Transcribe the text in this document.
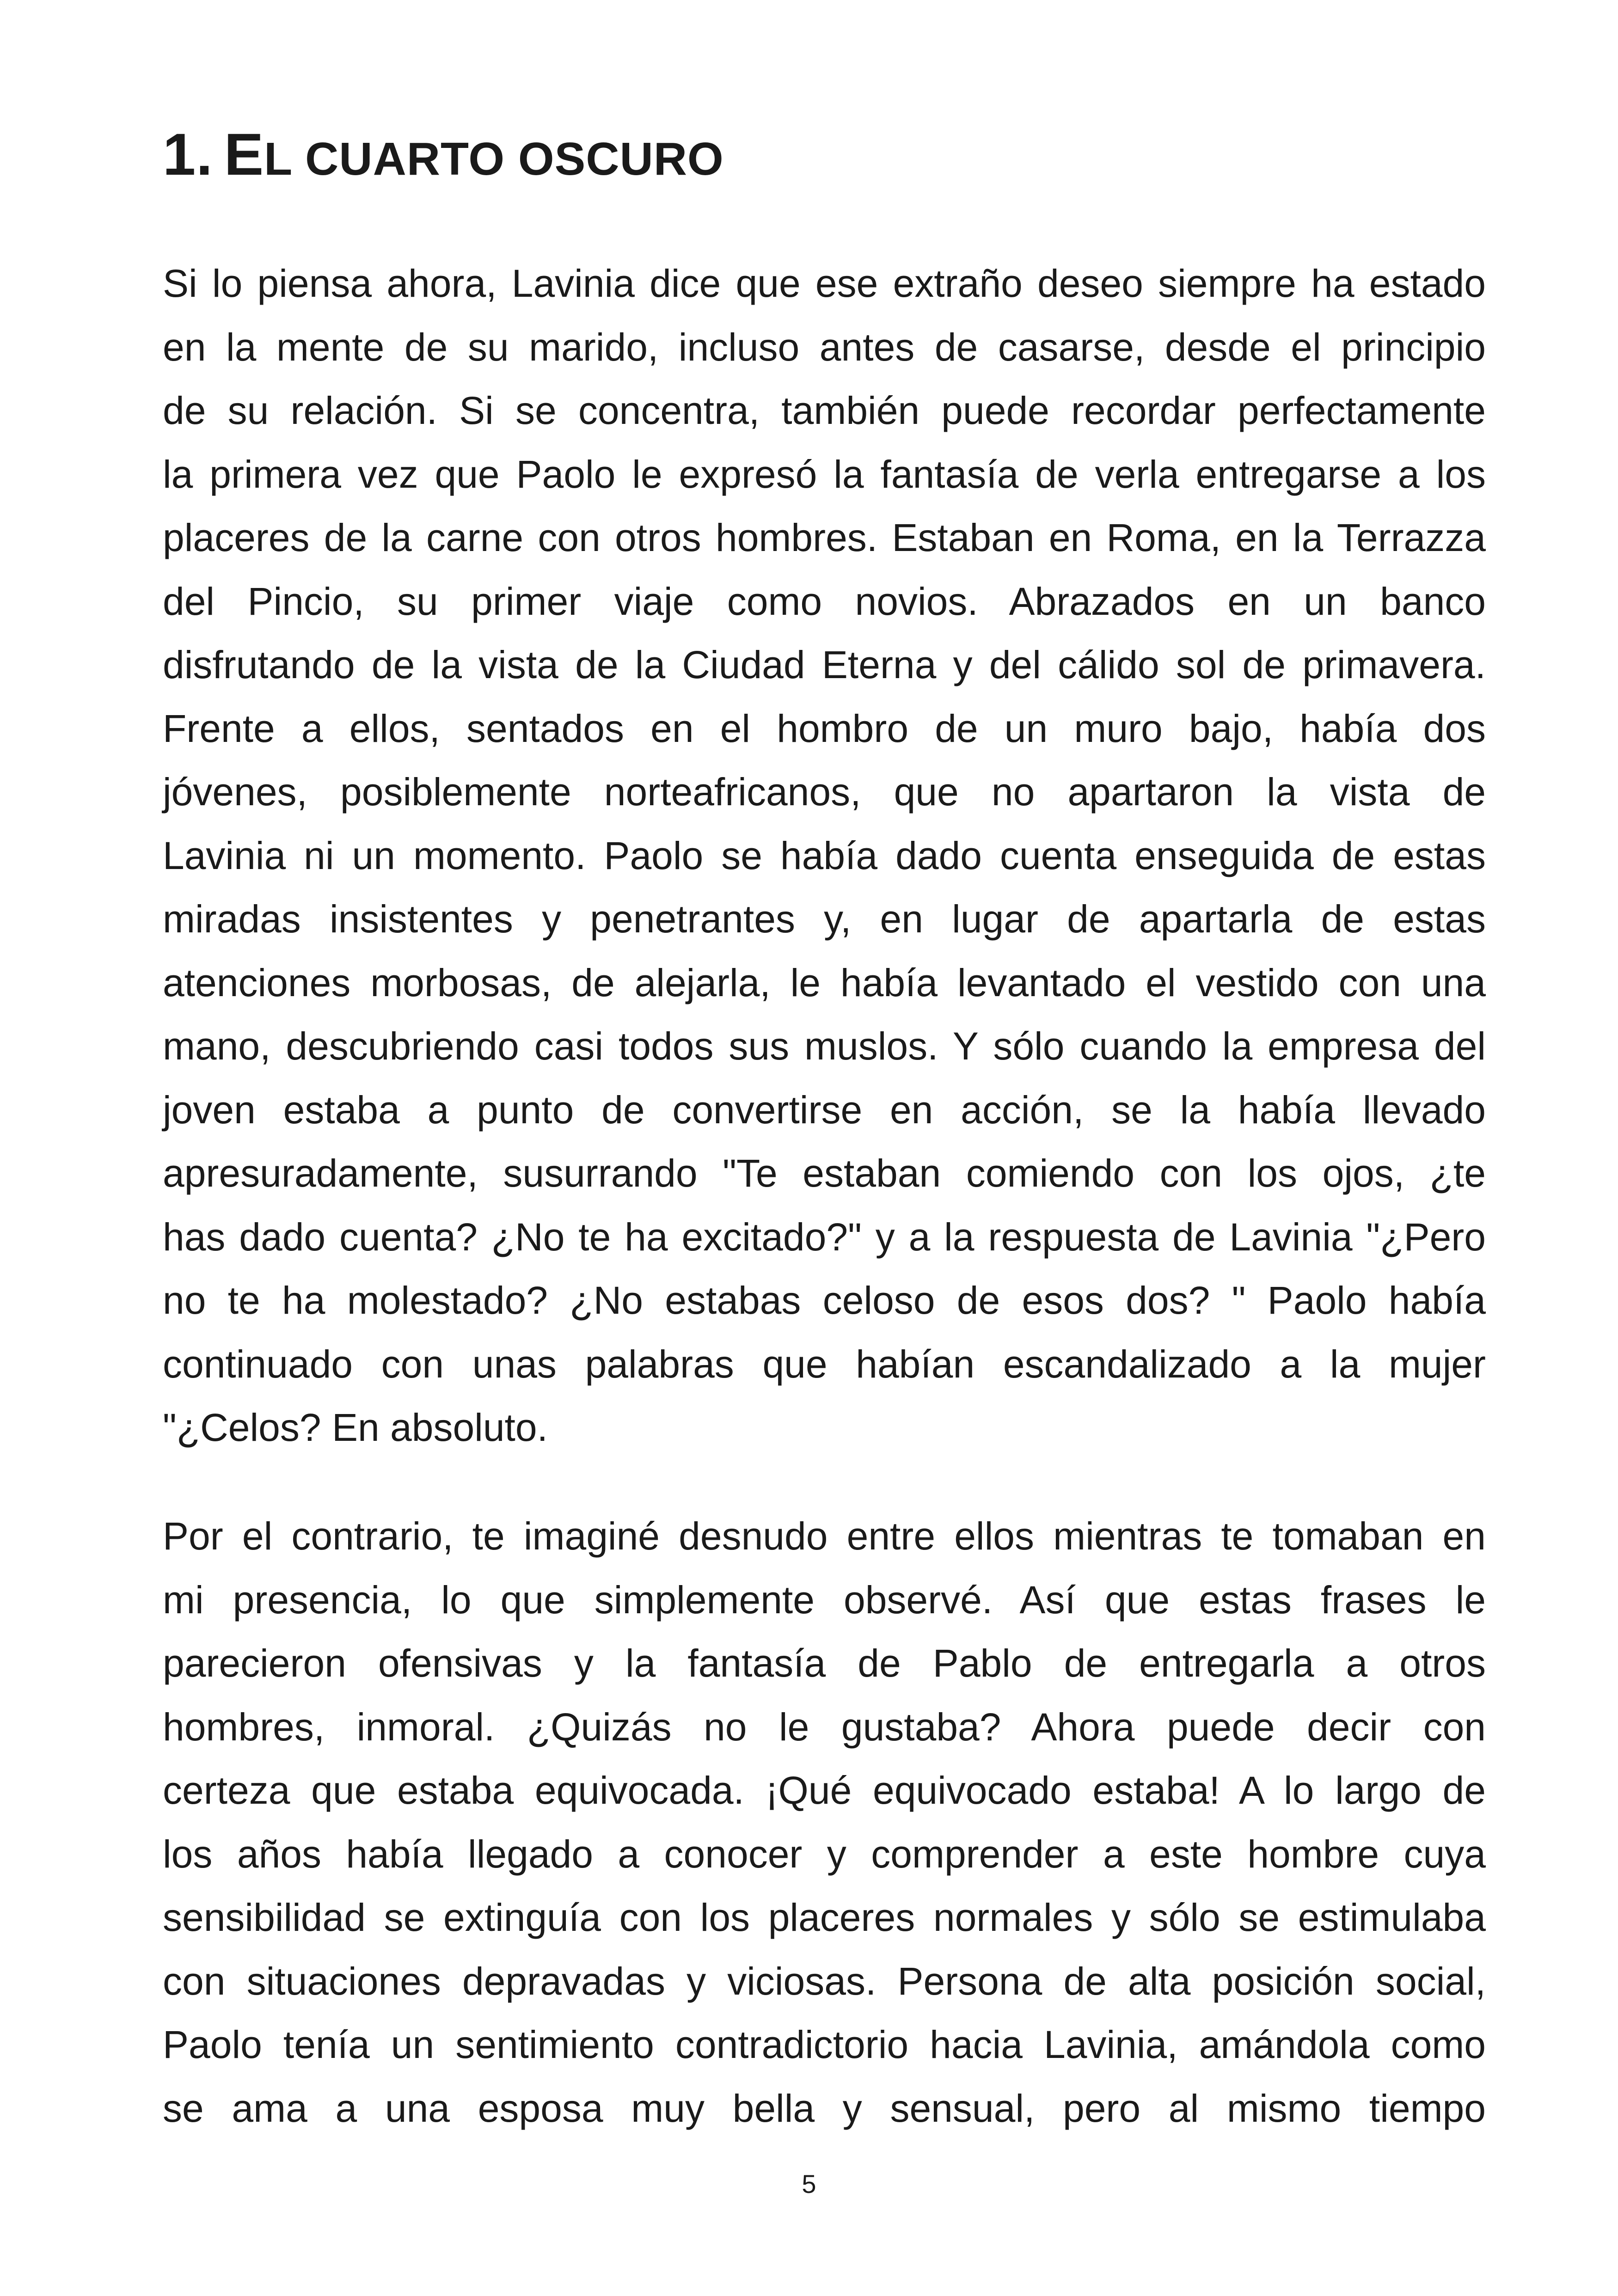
1. EL CUARTO OSCURO

Si lo piensa ahora, Lavinia dice que ese extraño deseo siempre ha estado
en la mente de su marido, incluso antes de casarse, desde el principio
de su relación. Si se concentra, también puede recordar perfectamente
la primera vez que Paolo le expresó la fantasía de verla entregarse a los
placeres de la carne con otros hombres. Estaban en Roma, en la Terrazza
del Pincio, su primer viaje como novios. Abrazados en un banco
disfrutando de la vista de la Ciudad Eterna y del cálido sol de primavera.
Frente a ellos, sentados en el hombro de un muro bajo, había dos
jóvenes, posiblemente norteafricanos, que no apartaron la vista de
Lavinia ni un momento. Paolo se había dado cuenta enseguida de estas
miradas insistentes y penetrantes y, en lugar de apartarla de estas
atenciones morbosas, de alejarla, le había levantado el vestido con una
mano, descubriendo casi todos sus muslos. Y sólo cuando la empresa del
joven estaba a punto de convertirse en acción, se la había llevado
apresuradamente, susurrando "Te estaban comiendo con los ojos, ¿te
has dado cuenta? ¿No te ha excitado?" y a la respuesta de Lavinia "¿Pero
no te ha molestado? ¿No estabas celoso de esos dos? " Paolo había
continuado con unas palabras que habían escandalizado a la mujer
"¿Celos? En absoluto.

Por el contrario, te imaginé desnudo entre ellos mientras te tomaban en
mi presencia, lo que simplemente observé. Así que estas frases le
parecieron ofensivas y la fantasía de Pablo de entregarla a otros
hombres, inmoral. ¿Quizás no le gustaba? Ahora puede decir con
certeza que estaba equivocada. ¡Qué equivocado estaba! A lo largo de
los años había llegado a conocer y comprender a este hombre cuya
sensibilidad se extinguía con los placeres normales y sólo se estimulaba
con situaciones depravadas y viciosas. Persona de alta posición social,
Paolo tenía un sentimiento contradictorio hacia Lavinia, amándola como
se ama a una esposa muy bella y sensual, pero al mismo tiempo

5
